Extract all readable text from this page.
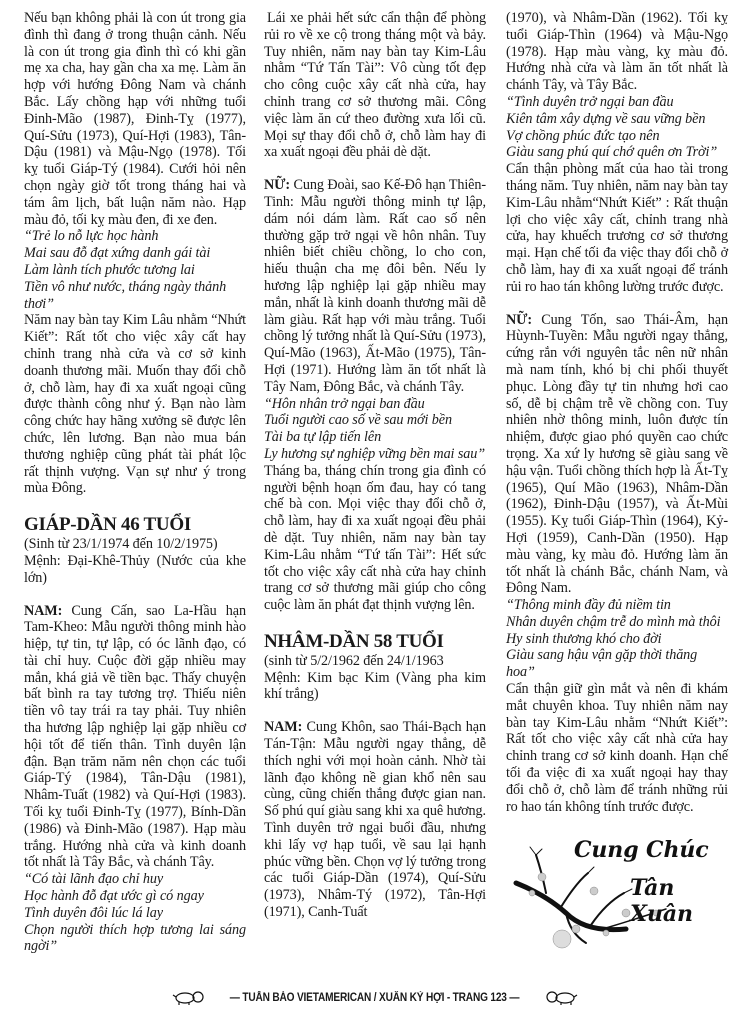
Nếu bạn không phải là con út trong gia đình thì đang ở trong thuận cảnh. Nếu là con út trong gia đình thì có khi gần mẹ xa cha, hay gần cha xa mẹ. Làm ăn hợp với hướng Đông Nam và chánh Bắc. Lấy chồng hạp với những tuổi Đinh-Mão (1987), Đinh-Tỵ (1977), Quí-Sửu (1973), Quí-Hợi (1983), Tân-Dậu (1981) và Mậu-Ngọ (1978). Tối kỵ tuổi Giáp-Tý (1984). Cưới hỏi nên chọn ngày giờ tốt trong tháng hai và tám âm lịch, bất luận năm nào. Hạp màu đỏ, tối kỵ màu đen, đi xe đen.

“Trẻ lo nỗ lực học hành
Mai sau đỗ đạt xứng danh gái tài
Làm lành tích phước tương lai
Tiền vô như nước, tháng ngày thảnh thơi”

Năm nay bàn tay Kim Lâu nhằm “Nhứt Kiết”: Rất tốt cho việc xây cất hay chỉnh trang nhà cửa và cơ sở kinh doanh thương mãi. Muốn thay đổi chỗ ở, chỗ làm, hay đi xa xuất ngoại cũng được thành công như ý. Bạn nào làm công chức hay hãng xưởng sẽ được lên chức, lên lương. Bạn nào mua bán thương nghiệp cũng phát tài phát lộc rất thịnh vượng. Vạn sự như ý trong mùa Đông.

GIÁP-DẦN 46 TUỔI

(Sinh từ 23/1/1974 đến 10/2/1975)

Mệnh: Đại-Khê-Thủy (Nước của khe lớn)

NAM: Cung Cấn, sao La-Hầu hạn Tam-Kheo: Mẫu người thông minh hào hiệp, tự tin, tự lập, có óc lãnh đạo, có tài chỉ huy. Cuộc đời gặp nhiều may mắn, khá giả về tiền bạc. Thấy chuyện bất bình ra tay tương trợ. Thiếu niên tiền vô tay trái ra tay phải. Tuy nhiên tha hương lập nghiệp lại gặp nhiều cơ hội tốt để tiến thân. Tình duyên lận đận. Bạn trăm năm nên chọn các tuổi Giáp-Tý (1984), Tân-Dậu (1981), Nhâm-Tuất (1982) và Quí-Hợi (1983). Tối kỵ tuổi Đinh-Tỵ (1977), Bính-Dần (1986) và Đinh-Mão (1987). Hạp màu trắng. Hướng nhà cửa và kinh doanh tốt nhất là Tây Bắc, và chánh Tây.

“Có tài lãnh đạo chỉ huy
Học hành đỗ đạt ước gì có ngay
Tình duyên đôi lúc lá lay
Chọn người thích hợp tương lai sáng ngời”

Lái xe phải hết sức cẩn thận để phòng rủi ro về xe cộ trong tháng một và bảy. Tuy nhiên, năm nay bàn tay Kim-Lâu nhằm “Tứ Tấn Tài”: Vô cùng tốt đẹp cho công cuộc xây cất nhà cửa, hay chỉnh trang cơ sở thương mãi. Công việc làm ăn cứ theo đường xưa lối cũ. Mọi sự thay đổi chỗ ở, chỗ làm hay đi xa xuất ngoại đều phải dè dặt.

NỮ: Cung Đoài, sao Kế-Đô hạn Thiên-Tinh: Mẫu người thông minh tự lập, dám nói dám làm. Rất cao số nên thường gặp trở ngại về hôn nhân. Tuy nhiên biết chiều chồng, lo cho con, hiếu thuận cha mẹ đôi bên. Nếu ly hương lập nghiệp lại gặp nhiều may mắn, nhất là kinh doanh thương mãi dễ làm giàu. Rất hạp với màu trắng. Tuổi chồng lý tưởng nhất là Quí-Sửu (1973), Quí-Mão (1963), Ất-Mão (1975), Tân-Hợi (1971). Hướng làm ăn tốt nhất là Tây Nam, Đông Bắc, và chánh Tây.

“Hôn nhân trở ngại ban đầu
Tuổi người cao số về sau mới bền
Tài ba tự lập tiến lên
Ly hương sự nghiệp vững bền mai sau”

Tháng ba, tháng chín trong gia đình có người bệnh hoạn ốm đau, hay có tang chế bà con. Mọi việc thay đổi chỗ ở, chỗ làm, hay đi xa xuất ngoại đều phải dè dặt. Tuy nhiên, năm nay bàn tay Kim-Lâu nhằm “Tứ tấn Tài”: Hết sức tốt cho việc xây cất nhà cửa hay chỉnh trang cơ sở thương mãi giúp cho công cuộc làm ăn phát đạt thịnh vượng lên.

NHÂM-DẦN 58 TUỔI

(sinh từ 5/2/1962 đến 24/1/1963

Mệnh: Kim bạc Kim (Vàng pha kim khí trắng)

NAM: Cung Khôn, sao Thái-Bạch hạn Tán-Tận: Mẫu người ngay thẳng, dễ thích nghi với mọi hoàn cảnh. Nhờ tài lãnh đạo không nề gian khổ nên sau cùng, cũng chiến thắng được gian nan. Số phú quí giàu sang khi xa quê hương. Tình duyên trở ngại buổi đầu, nhưng khi lấy vợ hạp tuổi, về sau lại hạnh phúc vững bền. Chọn vợ lý tưởng trong các tuổi Giáp-Dần (1974), Quí-Sửu (1973), Nhâm-Tý (1972), Tân-Hợi (1971), Canh-Tuất

(1970), và Nhâm-Dần (1962). Tối kỵ tuổi Giáp-Thìn (1964) và Mậu-Ngọ (1978). Hạp màu vàng, kỵ màu đỏ. Hướng nhà cửa và làm ăn tốt nhất là chánh Tây, và Tây Bắc.

“Tình duyên trở ngại ban đầu
Kiên tâm xây dựng về sau vững bền
Vợ chồng phúc đức tạo nên
Giàu sang phú quí chớ quên ơn Trời”

Cẩn thận phòng mất của hao tài trong tháng năm. Tuy nhiên, năm nay bàn tay Kim-Lâu nhằm“Nhứt Kiết” : Rất thuận lợi cho việc xây cất, chỉnh trang nhà cửa, hay khuếch trương cơ sở thương mại. Hạn chế tối đa việc thay đổi chỗ ở chỗ làm, hay đi xa xuất ngoại để tránh rủi ro hao tán không lường trước được.

NỮ: Cung Tốn, sao Thái-Âm, hạn Hùynh-Tuyền: Mẫu người ngay thẳng, cứng rắn với nguyên tắc nên nữ nhân mà nam tính, khó bị chi phối thuyết phục. Lòng đầy tự tin nhưng hơi cao số, dễ bị chậm trễ về chồng con. Tuy nhiên nhờ thông minh, luôn được tín nhiệm, được giao phó quyền cao chức trọng. Xa xứ ly hương sẽ giàu sang về hậu vận. Tuổi chồng thích hợp là Ất-Tỵ (1965), Quí Mão (1963), Nhâm-Dần (1962), Đinh-Dậu (1957), và Ất-Mùi (1955). Kỵ tuổi Giáp-Thìn (1964), Kỷ-Hợi (1959), Canh-Dần (1950). Hạp màu vàng, kỵ màu đỏ. Hướng làm ăn tốt nhất là chánh Bắc, chánh Nam, và Đông Nam.

“Thông minh đầy đủ niềm tin
Nhân duyên chậm trễ do mình mà thôi
Hy sinh thương khó cho đời
Giàu sang hậu vận gặp thời thăng hoa”

Cẩn thận giữ gìn mắt và nên đi khám mắt chuyên khoa. Tuy nhiên năm nay bàn tay Kim-Lâu nhằm “Nhứt Kiết”: Rất tốt cho việc xây cất nhà cửa hay chỉnh trang cơ sở kinh doanh. Hạn chế tối đa việc đi xa xuất ngoại hay thay đổi chỗ ở, chỗ làm để tránh những rủi ro hao tán không tính trước được.

Cung Chúc
Tân Xuân
— TUẤN BÁO VIETAMERICAN / XUÂN KỶ HỢI - TRANG 123 —
